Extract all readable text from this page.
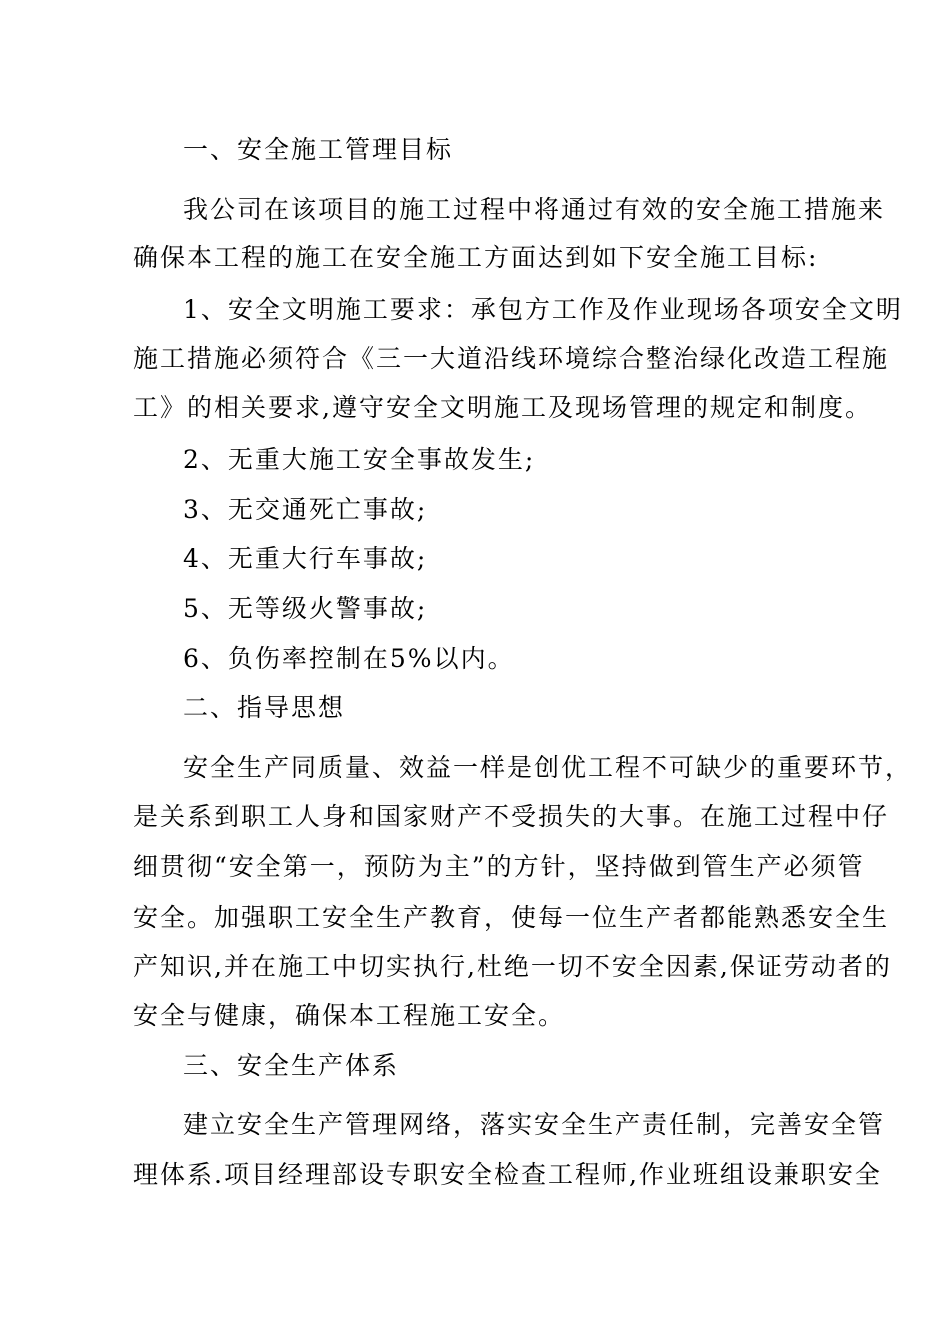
一、安全施工管理目标
我公司在该项目的施工过程中将通过有效的安全施工措施来
确保本工程的施工在安全施工方面达到如下安全施工目标:
1、安全文明施工要求：承包方工作及作业现场各项安全文明
施工措施必须符合《三一大道沿线环境综合整治绿化改造工程施
工》的相关要求,遵守安全文明施工及现场管理的规定和制度。
2、无重大施工安全事故发生;
3、无交通死亡事故;
4、无重大行车事故;
5、无等级火警事故;
6、负伤率控制在5%以内。
二、指导思想
安全生产同质量、效益一样是创优工程不可缺少的重要环节，
是关系到职工人身和国家财产不受损失的大事。在施工过程中仔
细贯彻“安全第一，预防为主”的方针，坚持做到管生产必须管
安全。加强职工安全生产教育，使每一位生产者都能熟悉安全生
产知识,并在施工中切实执行,杜绝一切不安全因素,保证劳动者的
安全与健康，确保本工程施工安全。
三、安全生产体系
建立安全生产管理网络，落实安全生产责任制，完善安全管
理体系.项目经理部设专职安全检查工程师,作业班组设兼职安全
